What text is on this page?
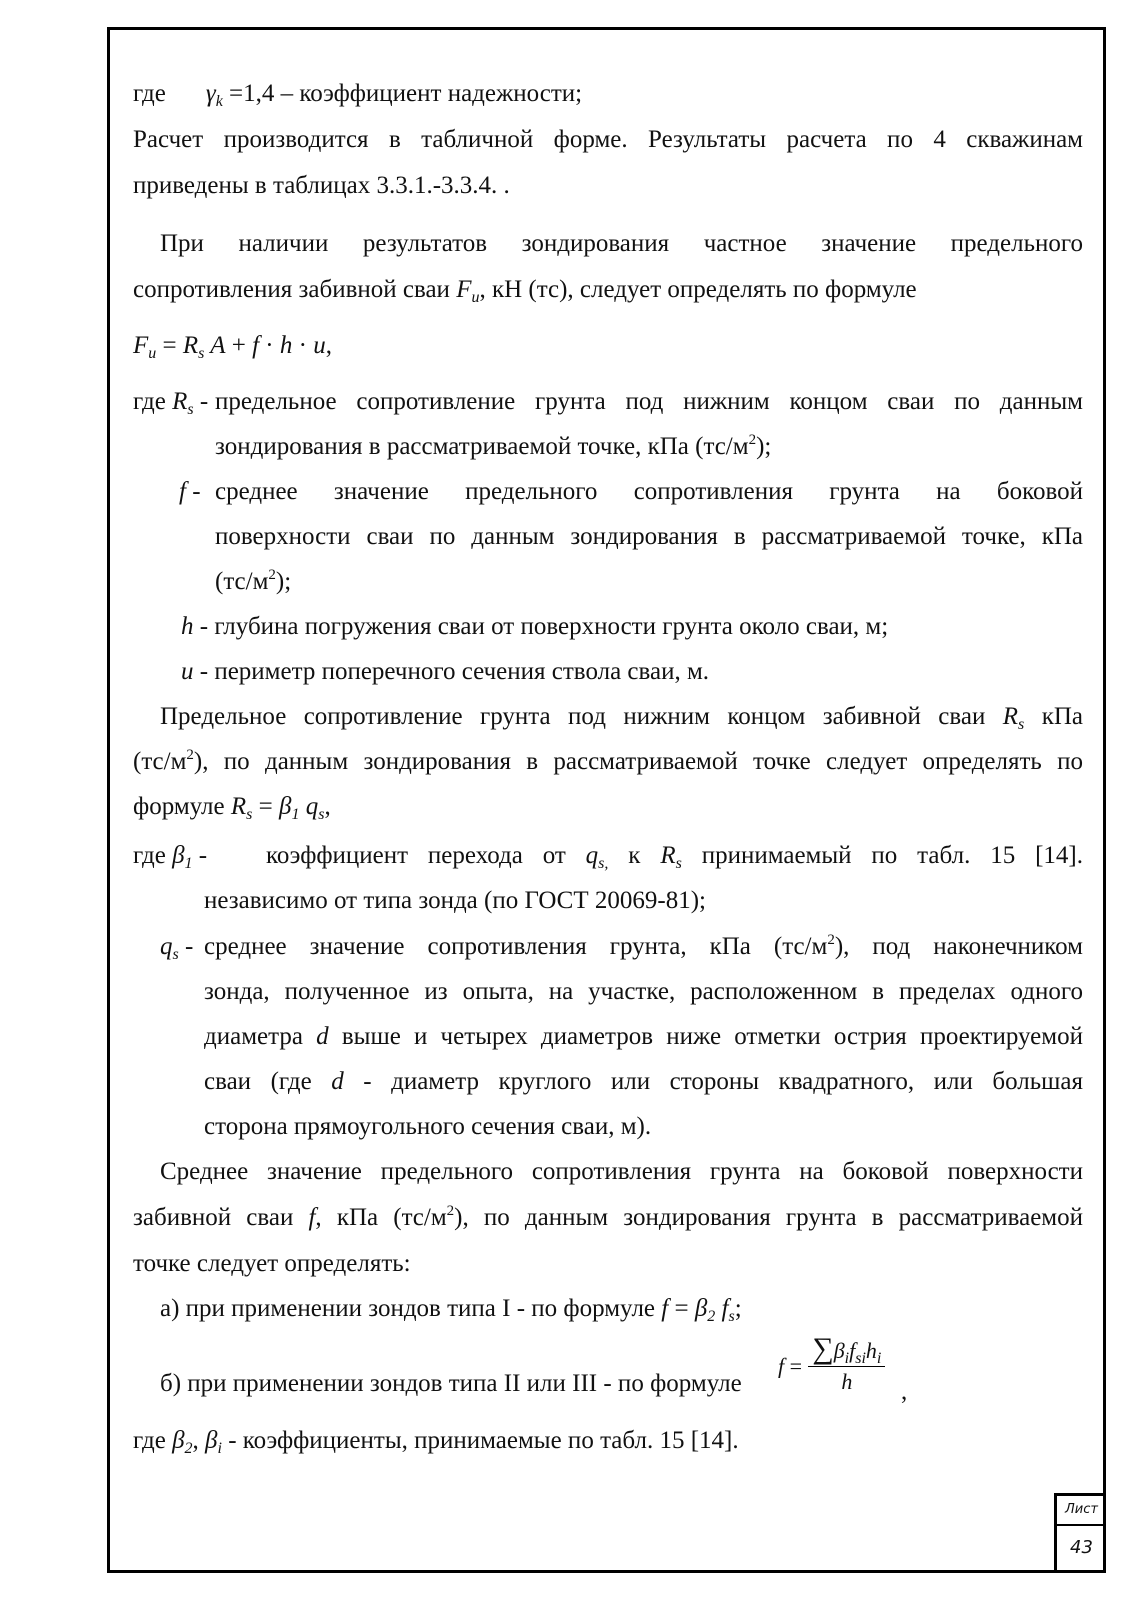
где $\gamma_k =1,4$ – коэффициент надежности;
Расчет производится в табличной форме. Результаты расчета по 4 скважинам
приведены в таблицах 3.3.1.-3.3.4. .
При наличии результатов зондирования частное значение предельного
сопротивления забивной сваи $F_u$, кН (тс), следует определять по формуле
$F_u = R_s$ A + f · h · u,
где $R_s$ - предельное сопротивление грунта под нижним концом сваи по данным
зондирования в рассматриваемой точке, кПа $(тс/м^2)$;
f - среднее значение предельного сопротивления грунта на боковой
поверхности сваи по данным зондирования в рассматриваемой точке, кПа
$(тс/м^2)$;
h - глубина погружения сваи от поверхности грунта около сваи, м;
u - периметр поперечного сечения ствола сваи, м.
Предельное сопротивление грунта под нижним концом забивной сваи $R_s$ кПа
$(тс/м^2)$, по данным зондирования в рассматриваемой точке следует определять по
формуле $R_s = \beta_1$ $q_s$,
где $\beta_1$ - коэффициент перехода от $q_{s,}$ к $R_s$ принимаемый по табл. 15 [14].
независимо от типа зонда (по ГОСТ 20069-81);
$q_s$ - среднее значение сопротивления грунта, кПа $(тс/м^2)$, под наконечником
зонда, полученное из опыта, на участке, расположенном в пределах одного
диаметра d выше и четырех диаметров ниже отметки острия проектируемой
сваи (где d - диаметр круглого или стороны квадратного, или большая
сторона прямоугольного сечения сваи, м).
Среднее значение предельного сопротивления грунта на боковой поверхности
забивной сваи f, кПа $(тс/м^2)$, по данным зондирования грунта в рассматриваемой
точке следует определять:
а) при применении зондов типа I - по формуле $f = \beta_2$ $f_s$;
б) при применении зондов типа II или III - по формуле
$f = \frac{\sum\beta_if_{si}h_i}{h}$ ,
где $\beta_2$, $\beta_i$ - коэффициенты, принимаемые по табл. 15 [14].
Лист
43
